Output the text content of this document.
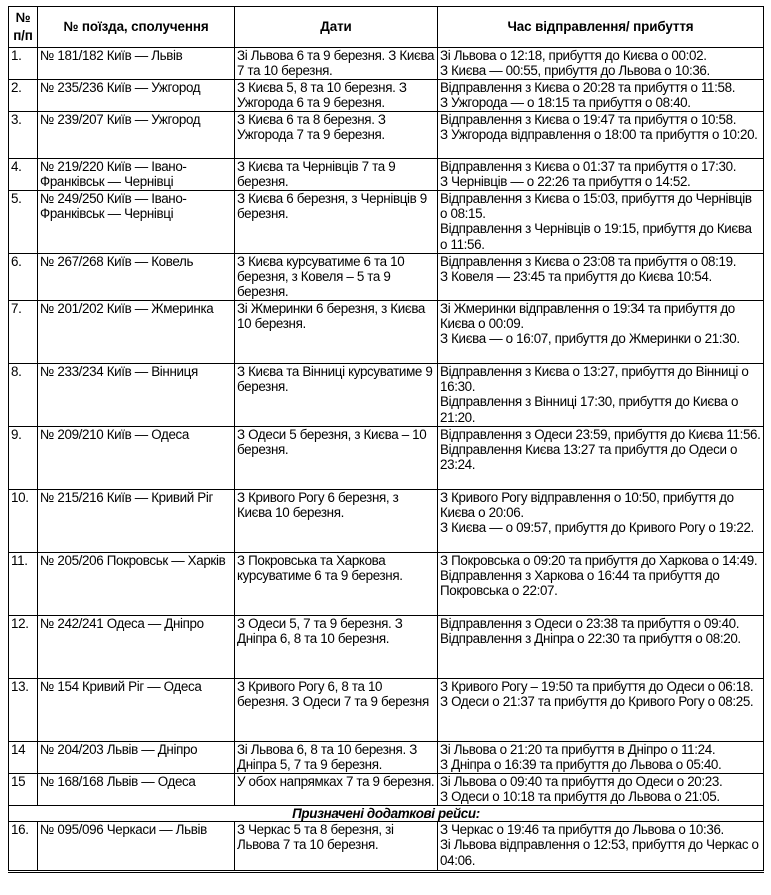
№ п/п	№ поїзда, сполучення	Дати	Час відправлення/ прибуття
1.	№ 181/182 Київ — Львів	Зі Львова 6 та 9 березня. З Києва 7 та 10 березня.	Зі Львова о 12:18, прибуття до Києва о 00:02.
З Києва — 00:55, прибуття до Львова о 10:36.

2.	№ 235/236 Київ — Ужгород	З Києва 5, 8 та 10 березня. З Ужгорода 6 та 9 березня.	Відправлення з Києва о 20:28 та прибуття о 11:58.
З Ужгорода — о 18:15 та прибуття о 08:40.

3.	№ 239/207 Київ — Ужгород	З Києва 6 та 8 березня. З Ужгорода 7 та 9 березня.	Відправлення з Києва о 19:47 та прибуття о 10:58.
З Ужгорода відправлення о 18:00 та прибуття о 10:20.

4.	№ 219/220 Київ — Івано-Франківськ — Чернівці	З Києва та Чернівців 7 та 9 березня.	Відправлення з Києва о 01:37 та прибуття о 17:30.
З Чернівців — о 22:26 та прибуття о 14:52.

5.	№ 249/250 Київ — Івано-Франківськ — Чернівці	З Києва 6 березня, з Чернівців 9 березня.	Відправлення з Києва о 15:03, прибуття до Чернівців о 08:15.
Відправлення з Чернівців о 19:15, прибуття до Києва о 11:56.

6.	№ 267/268 Київ — Ковель	З Києва курсуватиме 6 та 10 березня, з Ковеля – 5 та 9 березня.	Відправлення з Києва о 23:08 та прибуття о 08:19.
З Ковеля — 23:45 та прибуття до Києва 10:54.

7.	№ 201/202 Київ — Жмеринка	Зі Жмеринки 6 березня, з Києва 10 березня.	Зі Жмеринки відправлення о 19:34 та прибуття до Києва о 00:09.
З Києва — о 16:07, прибуття до Жмеринки о 21:30.

8.	№ 233/234 Київ — Вінниця	З Києва та Вінниці курсуватиме 9 березня.	Відправлення з Києва о 13:27, прибуття до Вінниці о 16:30.
Відправлення з Вінниці 17:30, прибуття до Києва о 21:20.

9.	№ 209/210 Київ — Одеса	З Одеси 5 березня, з Києва – 10 березня.	Відправлення з Одеси 23:59, прибуття до Києва 11:56.
Відправлення Києва 13:27 та прибуття до Одеси о 23:24.

10.	№ 215/216 Київ — Кривий Ріг	З Кривого Рогу 6 березня, з Києва 10 березня.	З Кривого Рогу відправлення о 10:50, прибуття до Києва о 20:06.
З Києва — о 09:57, прибуття до Кривого Рогу о 19:22.

11.	№ 205/206 Покровськ — Харків	З Покровська та Харкова курсуватиме 6 та 9 березня.	З Покровська о 09:20 та прибуття до Харкова о 14:49.
Відправлення з Харкова о 16:44 та прибуття до Покровська о 22:07.

12.	№ 242/241 Одеса — Дніпро	З Одеси 5, 7 та 9 березня. З Дніпра 6, 8 та 10 березня.	Відправлення з Одеси о 23:38 та прибуття о 09:40.
Відправлення з Дніпра о 22:30 та прибуття о 08:20.

13.	№ 154 Кривий Ріг — Одеса	З Кривого Рогу 6, 8 та 10 березня. З Одеси 7 та 9 березня	З Кривого Рогу – 19:50 та прибуття до Одеси о 06:18.
З Одеси о 21:37 та прибуття до Кривого Рогу о 08:25.

14	№ 204/203 Львів — Дніпро	Зі Львова 6, 8 та 10 березня. З Дніпра 5, 7 та 9 березня.	Зі Львова о 21:20 та прибуття в Дніпро о 11:24.
З Дніпра о 16:39 та прибуття до Львова о 05:40.

15	№ 168/168 Львів — Одеса	У обох напрямках 7 та 9 березня.	Зі Львова о 09:40 та прибуття до Одеси о 20:23.
З Одеси о 10:18 та прибуття до Львова о 21:05.

Призначені додаткові рейси:			
16.	№ 095/096 Черкаси — Львів	З Черкас 5 та 8 березня, зі Львова 7 та 10 березня.	З Черкас о 19:46 та прибуття до Львова о 10:36.
Зі Львова відправлення о 12:53, прибуття до Черкас о 04:06.
